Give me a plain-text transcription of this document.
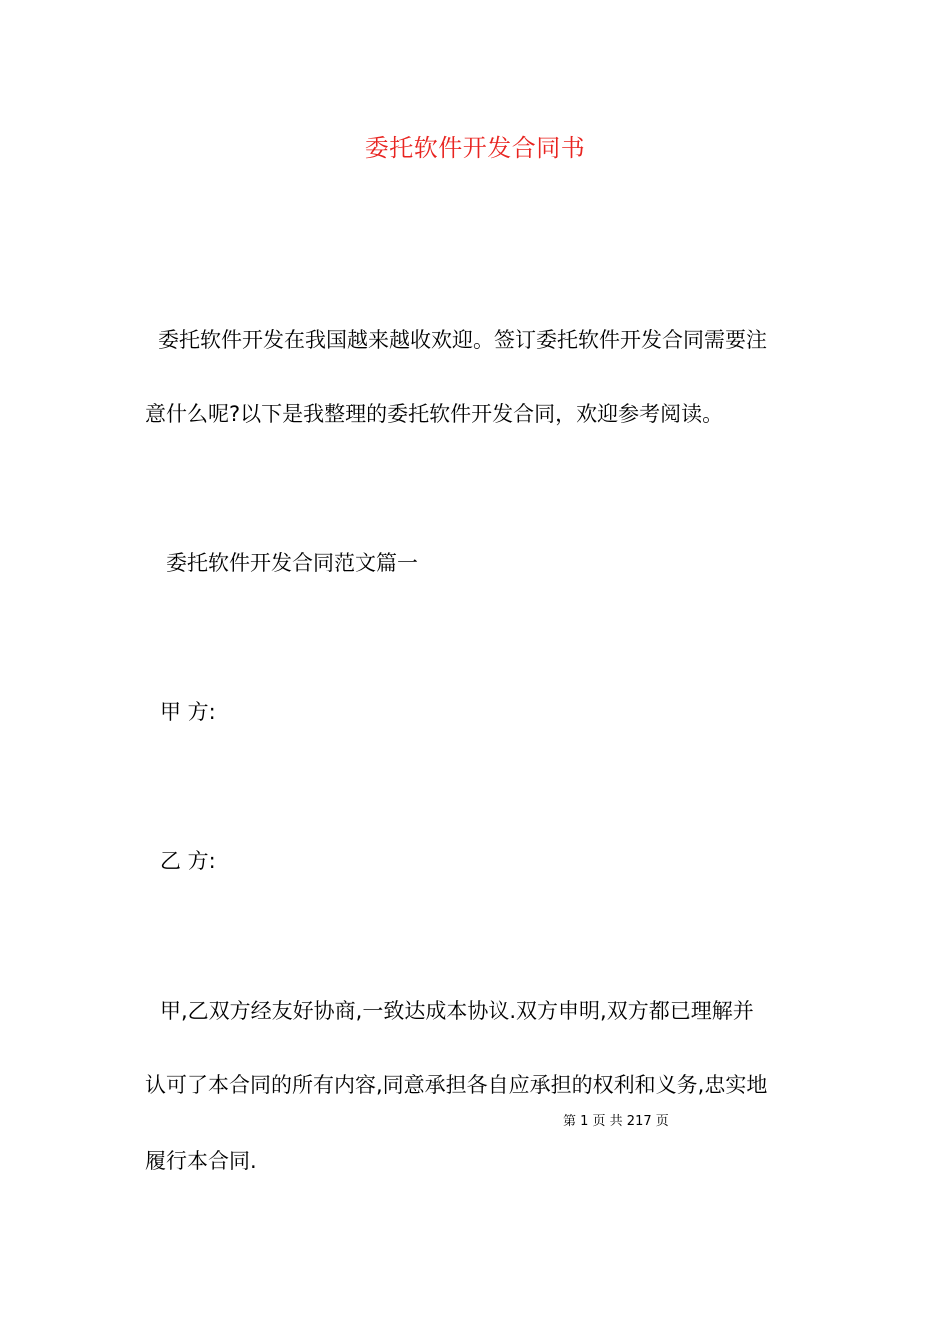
委托软件开发合同书
委托软件开发在我国越来越收欢迎。签订委托软件开发合同需要注
意什么呢?以下是我整理的委托软件开发合同，欢迎参考阅读。
委托软件开发合同范文篇一
甲 方:
乙 方:
甲,乙双方经友好协商,一致达成本协议.双方申明,双方都已理解并
认可了本合同的所有内容,同意承担各自应承担的权利和义务,忠实地
第 1 页 共 217 页
履行本合同.
